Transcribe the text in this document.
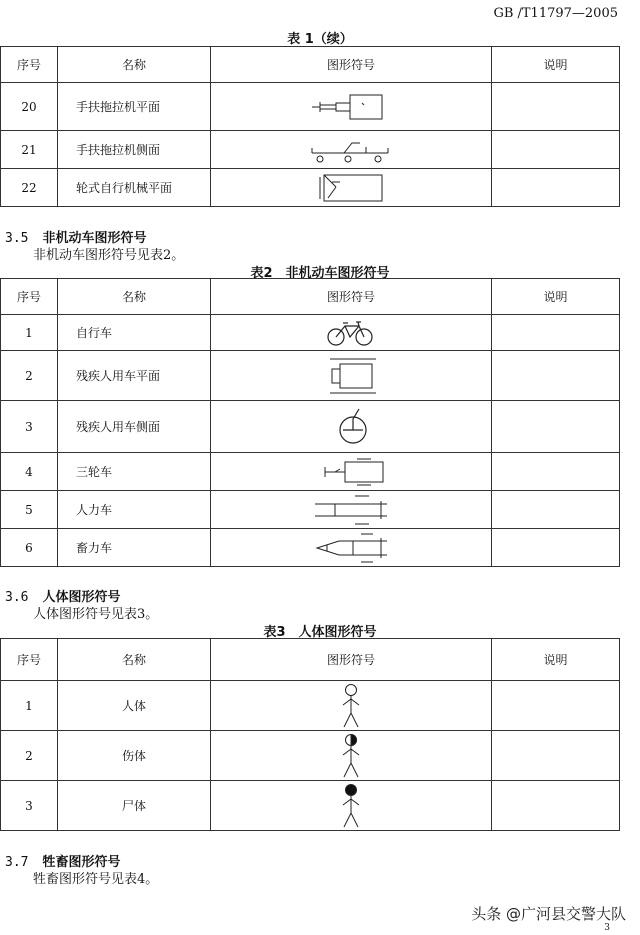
GB /T11797—2005
表 1（续）
序号	名称	图形符号	说明
20	手扶拖拉机平面	

21	手扶拖拉机侧面	

22	轮式自行机械平面	

3.5 非机动车图形符号
非机动车图形符号见表2。
表2　非机动车图形符号
序号	名称	图形符号	说明
1	自行车	

2	残疾人用车平面	

3	残疾人用车侧面	

4	三轮车	

5	人力车	

6	畜力车	

3.6 人体图形符号
人体图形符号见表3。
表3　人体图形符号
序号	名称	图形符号	说明
1	人体	

2	伤体	

3	尸体	

3.7 牲畜图形符号
牲畜图形符号见表4。
头条 @广河县交警大队
3
